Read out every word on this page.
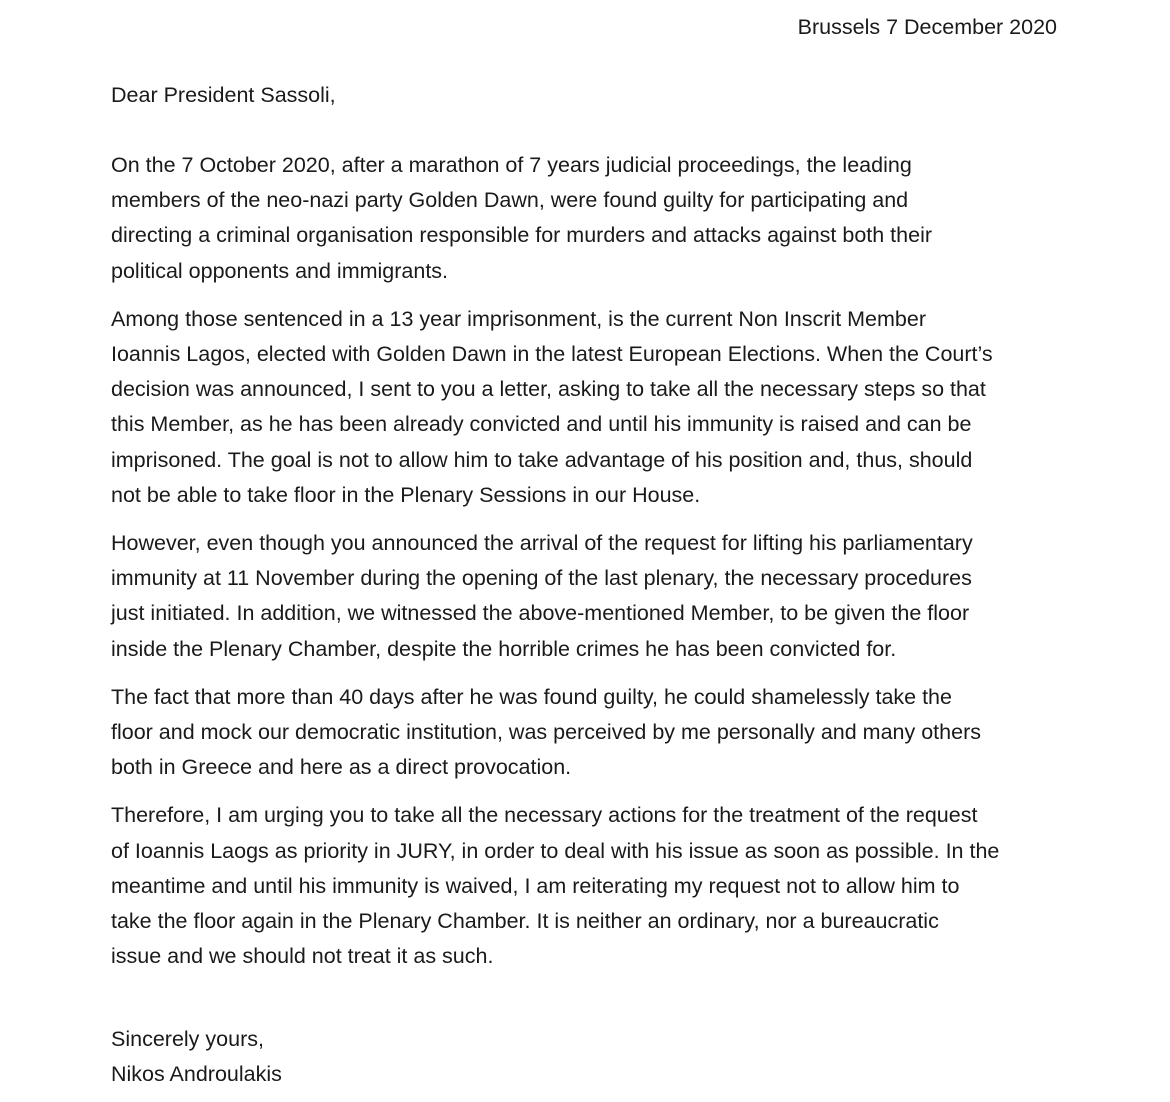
Brussels 7 December 2020
Dear President Sassoli,

On the 7 October 2020, after a marathon of 7 years judicial proceedings, the leading
members of the neo-nazi party Golden Dawn, were found guilty for participating and
directing a criminal organisation responsible for murders and attacks against both their
political opponents and immigrants.

Among those sentenced in a 13 year imprisonment, is the current Non Inscrit Member
Ioannis Lagos, elected with Golden Dawn in the latest European Elections. When the Court’s
decision was announced, I sent to you a letter, asking to take all the necessary steps so that
this Member, as he has been already convicted and until his immunity is raised and can be
imprisoned. The goal is not to allow him to take advantage of his position and, thus, should
not be able to take floor in the Plenary Sessions in our House.

However, even though you announced the arrival of the request for lifting his parliamentary
immunity at 11 November during the opening of the last plenary, the necessary procedures
just initiated. In addition, we witnessed the above-mentioned Member, to be given the floor
inside the Plenary Chamber, despite the horrible crimes he has been convicted for.

The fact that more than 40 days after he was found guilty, he could shamelessly take the
floor and mock our democratic institution, was perceived by me personally and many others
both in Greece and here as a direct provocation.

Therefore, I am urging you to take all the necessary actions for the treatment of the request
of Ioannis Laogs as priority in JURY, in order to deal with his issue as soon as possible. In the
meantime and until his immunity is waived, I am reiterating my request not to allow him to
take the floor again in the Plenary Chamber. It is neither an ordinary, nor a bureaucratic
issue and we should not treat it as such.

Sincerely yours,
Nikos Androulakis
